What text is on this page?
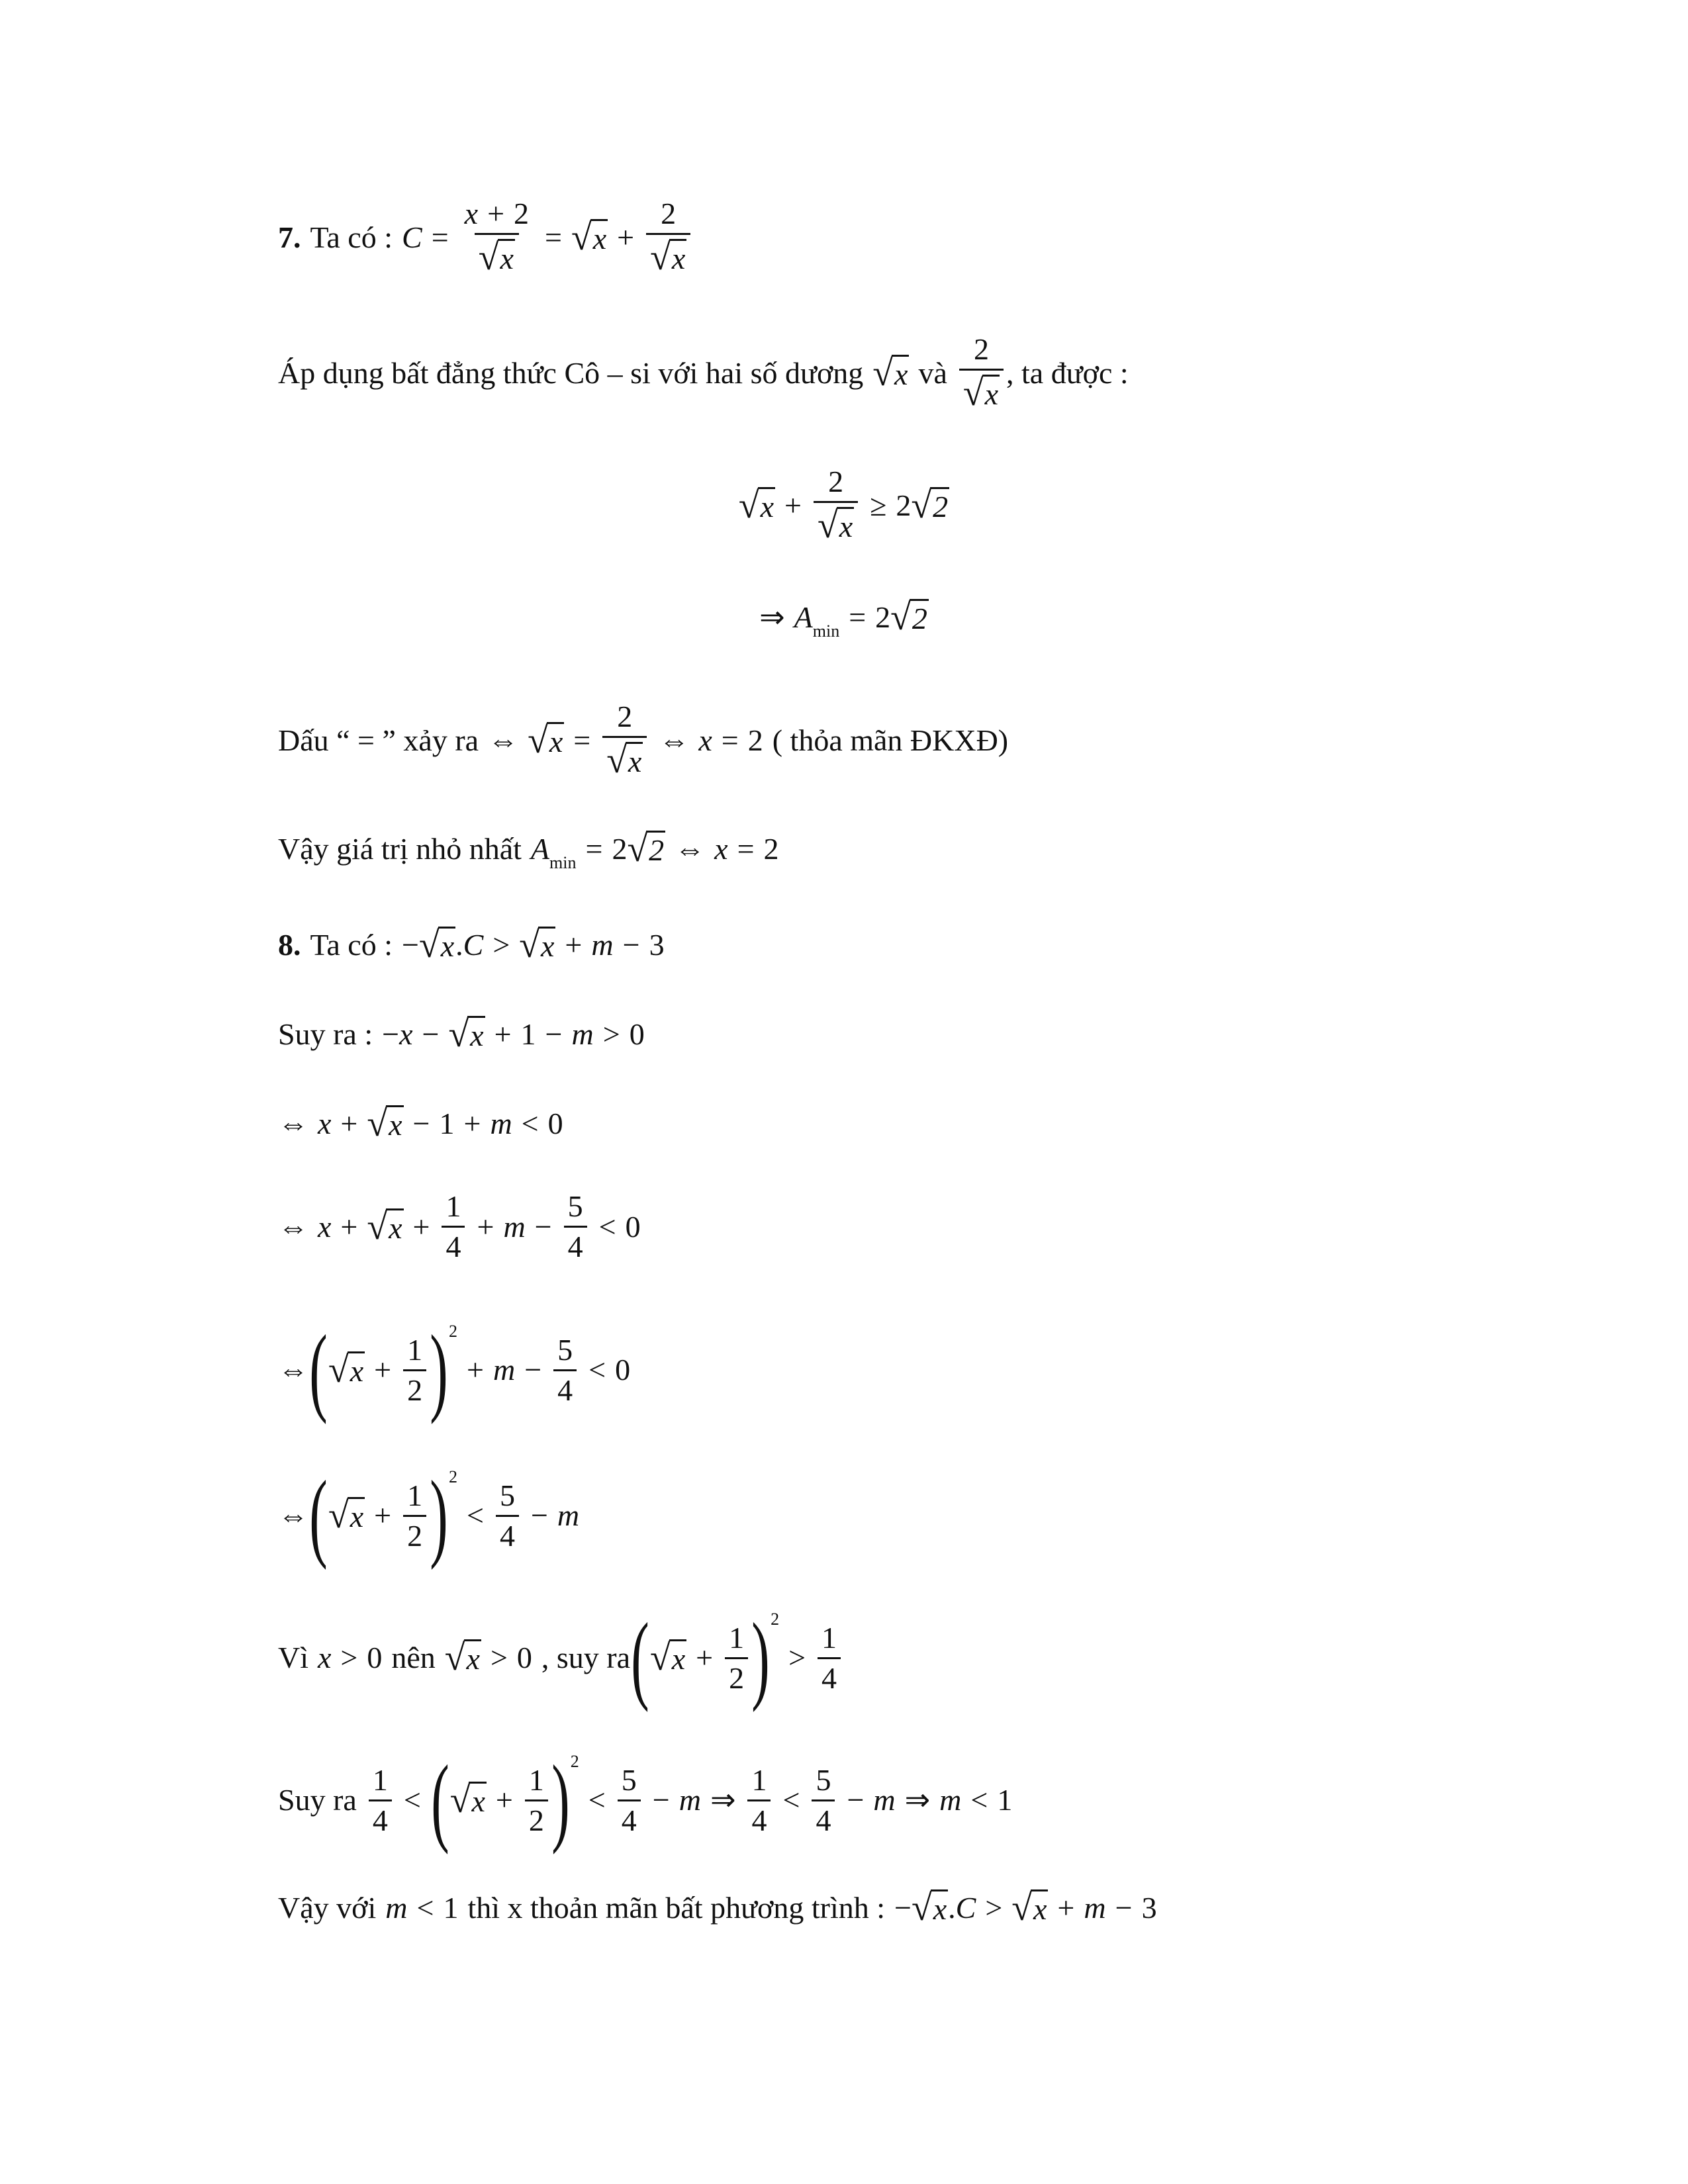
7. Ta có : $C = \frac{x + 2}{√ x}$ = √ $x + \frac{2}{√ x}$
Áp dụng bất đẳng thức Cô – si với hai số dương √ x và $\frac{2}{√ x}$ , ta được :
√ $x + \frac{2}{√ x} \ge 2$ √ 2
⇒ A min = 2 √ 2
Dấu “ = ” xảy ra ⇔ √ $x = \frac{2}{√ x}$ ⇔ x = 2 ( thỏa mãn ĐKXĐ)
Vậy giá trị nhỏ nhất A min = 2 √ 2 ⇔ x = 2
8. Ta có : − √ x . C > √ x + m − 3
Suy ra : − x − √ x + 1 − m > 0
⇔ x + √ x − 1 + m < 0
⇔ x + √ $x + \frac{1}{4} + m - \frac{5}{4} < 0$
⇔ ( √ $x + \frac{1}{2}$ ) 2
+ $m - \frac{5}{4} < 0$
⇔ ( √ $x + \frac{1}{2}$ ) 2
< $\frac{5}{4} - m$
Vì x > 0 nên √ x > 0 , suy ra ( √ $x + \frac{1}{2}$ ) 2
> $\frac{1}{4}$
Suy ra $\frac{1}{4}$ < ( √ $x + \frac{1}{2}$ ) 2
< $\frac{5}{4} - m$ ⇒ $\frac{1}{4} < \frac{5}{4} - m$ ⇒ m < 1
Vậy với m < 1 thì x thoản mãn bất phương trình : − √ x . C > √ x + m − 3
